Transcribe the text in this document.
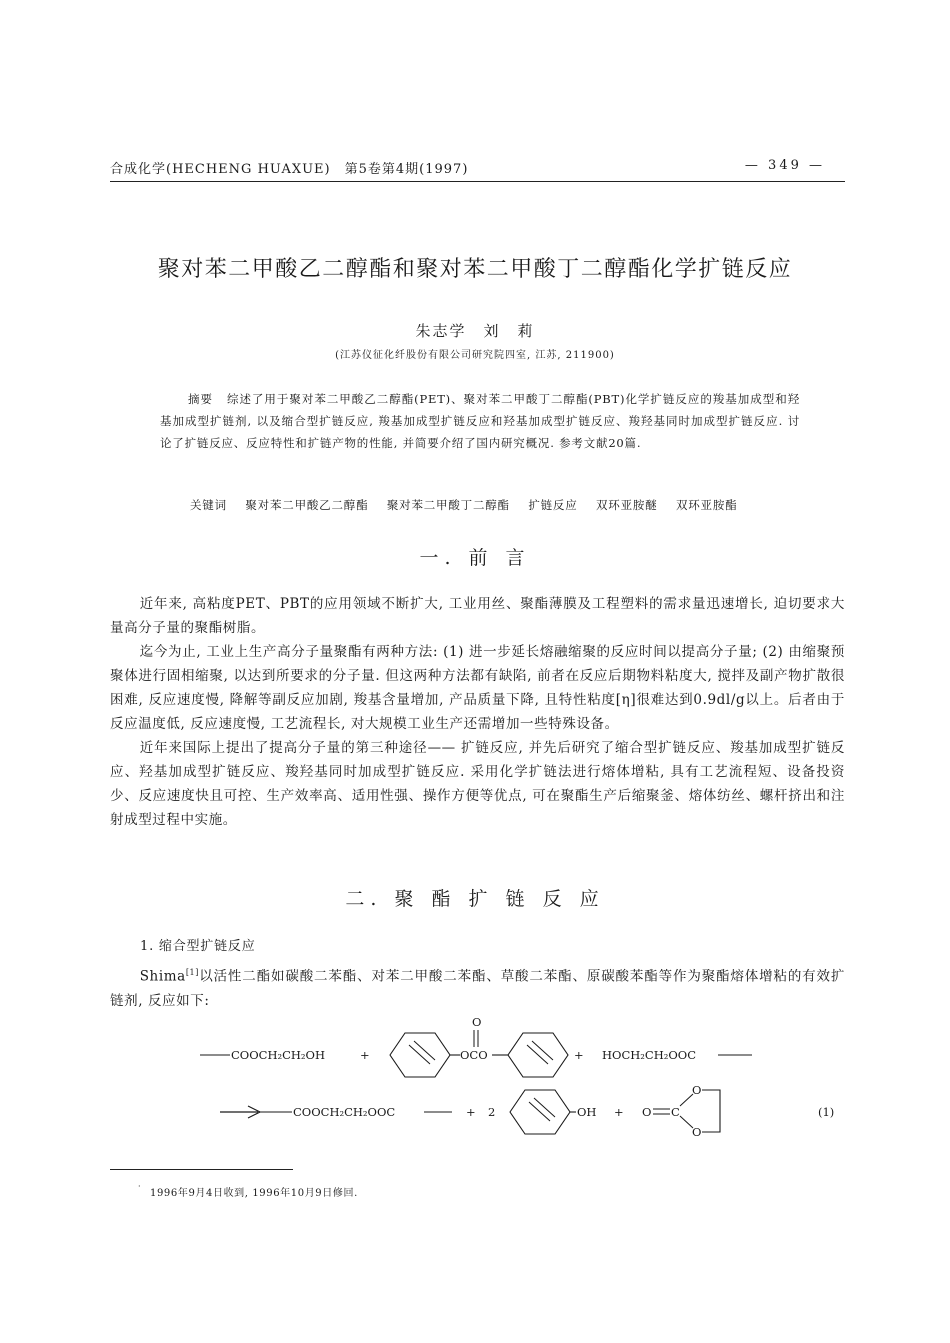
合成化学(HECHENG HUAXUE)　第5卷第4期(1997)	— 349 —
聚对苯二甲酸乙二醇酯和聚对苯二甲酸丁二醇酯化学扩链反应
朱志学　刘　莉
(江苏仪征化纤股份有限公司研究院四室, 江苏, 211900)
摘要 综述了用于聚对苯二甲酸乙二醇酯(PET)、聚对苯二甲酸丁二醇酯(PBT)化学扩链反应的羧基加成型和羟基加成型扩链剂, 以及缩合型扩链反应, 羧基加成型扩链反应和羟基加成型扩链反应、羧羟基同时加成型扩链反应. 讨论了扩链反应、反应特性和扩链产物的性能, 并简要介绍了国内研究概况. 参考文献20篇.
关键词 聚对苯二甲酸乙二醇酯 聚对苯二甲酸丁二醇酯 扩链反应 双环亚胺醚 双环亚胺酯
一. 前 言

近年来, 高粘度PET、PBT的应用领域不断扩大, 工业用丝、聚酯薄膜及工程塑料的需求量迅速增长, 迫切要求大量高分子量的聚酯树脂。

迄今为止, 工业上生产高分子量聚酯有两种方法: (1) 进一步延长熔融缩聚的反应时间以提高分子量; (2) 由缩聚预聚体进行固相缩聚, 以达到所要求的分子量. 但这两种方法都有缺陷, 前者在反应后期物料粘度大, 搅拌及副产物扩散很困难, 反应速度慢, 降解等副反应加剧, 羧基含量增加, 产品质量下降, 且特性粘度[η]很难达到0.9dl/g以上。后者由于反应温度低, 反应速度慢, 工艺流程长, 对大规模工业生产还需增加一些特殊设备。

近年来国际上提出了提高分子量的第三种途径—— 扩链反应, 并先后研究了缩合型扩链反应、羧基加成型扩链反应、羟基加成型扩链反应、羧羟基同时加成型扩链反应. 采用化学扩链法进行熔体增粘, 具有工艺流程短、设备投资少、反应速度快且可控、生产效率高、适用性强、操作方便等优点, 可在聚酯生产后缩聚釜、熔体纺丝、螺杆挤出和注射成型过程中实施。

二. 聚 酯 扩 链 反 应
1. 缩合型扩链反应

Shima[1]以活性二酯如碳酸二苯酯、对苯二甲酸二苯酯、草酸二苯酯、原碳酸苯酯等作为聚酯熔体增粘的有效扩链剂, 反应如下:

COOCH₂CH₂OH	+
O
OCO	+ HOCH₂CH₂OOC
COOCH₂CH₂OOC	+ 2	OH + O C
O
O
(1)
·
1996年9月4日收到, 1996年10月9日修回.
